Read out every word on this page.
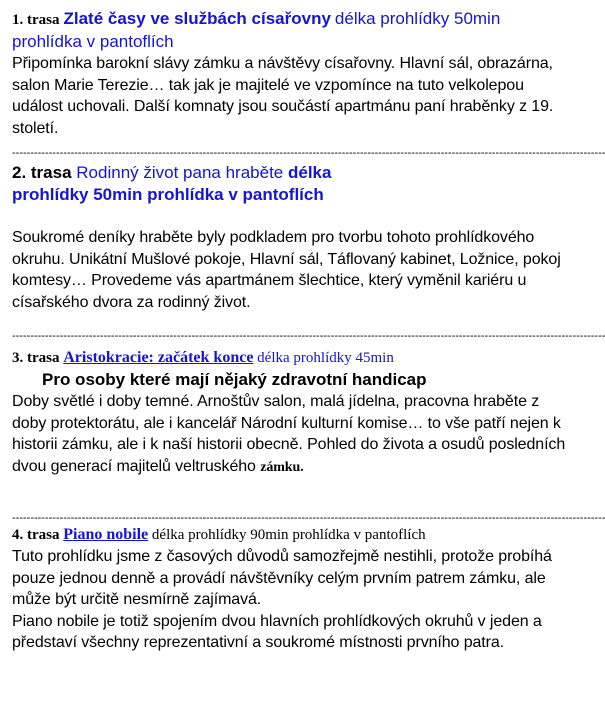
1. trasa Zlaté časy ve službách císařovny délka prohlídky 50min

prohlídka v pantoflích

Připomínka barokní slávy zámku a návštěvy císařovny. Hlavní sál, obrazárna, salon Marie Terezie… tak jak je majitelé ve vzpomínce na tuto velkolepou událost uchovali. Další komnaty jsou součástí apartmánu paní hraběnky z 19. století.

------------------------------------------------------------------------------------------------------------------------------------------------------------------

2. trasa Rodinný život pana hraběte délka prohlídky 50min prohlídka v pantoflích

Soukromé deníky hraběte byly podkladem pro tvorbu tohoto prohlídkového okruhu. Unikátní Mušlové pokoje, Hlavní sál, Táflovaný kabinet, Ložnice, pokoj komtesy… Provedeme vás apartmánem šlechtice, který vyměnil kariéru u císařského dvora za rodinný život.

------------------------------------------------------------------------------------------------------------------------------------------------------------------

3. trasa Aristokracie: začátek konce délka prohlídky 45min

Pro osoby které mají nějaký zdravotní handicap

Doby světlé i doby temné. Arnoštův salon, malá jídelna, pracovna hraběte z doby protektorátu, ale i kancelář Národní kulturní komise… to vše patří nejen k historii zámku, ale i k naší historii obecně. Pohled do života a osudů posledních dvou generací majitelů veltruského zámku.

------------------------------------------------------------------------------------------------------------------------------------------------------------------

4. trasa Piano nobile délka prohlídky 90min prohlídka v pantoflích

Tuto prohlídku jsme z časových důvodů samozřejmě nestihli, protože probíhá pouze jednou denně a provádí návštěvníky celým prvním patrem zámku, ale může být určitě nesmírně zajímavá.

Piano nobile je totiž spojením dvou hlavních prohlídkových okruhů v jeden a představí všechny reprezentativní a soukromé místnosti prvního patra.
